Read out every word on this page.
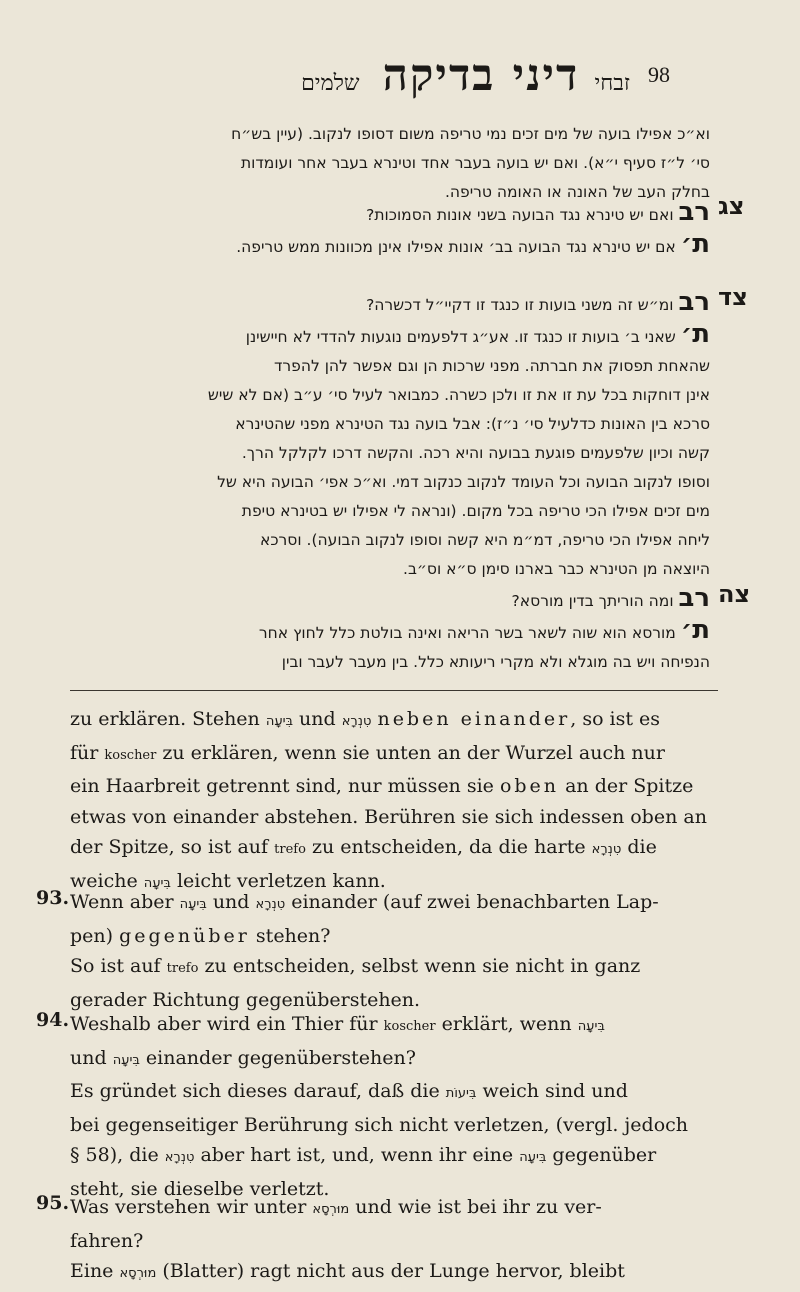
זבחי   דיני בדיקה שלמים	98
וא״כ אפילו בועה של מים זכים נמי טריפה משום דסופו לנקוב. (עיין בש״ח
סי׳ ל״ז סעיף י״א). ואם יש בועה בעבר אחד וטינרא בעבר אחר ועומדות
בחלק העב של האונה או האומה טריפה. צג
רב ואם יש טינרא נגד הבועה בשני אונות הסמוכות?
ת׳ אם יש טינרא נגד הבועה בב׳ אונות אפילו אינן מכוונות ממש טריפה.
צד
רב ומ״ש זה משני בועות זו כנגד זו דקיי״ל דכשרה?
ת׳ שאני ב׳ בועות זו כנגד זו. אע״ג דלפעמים נוגעות להדדי לא חיישינן
שהאחת תפסוק את חברתה. מפני שרכות הן וגם אפשר להן להפרד
אינן דוחקות בכל עת זו את זו ולכן כשרה. כמבואר לעיל סי׳ ע״ב (אם לא שיש
סרכא בין האונות כדלעיל סי׳ נ״ז): אבל בועה נגד הטינרא מפני שהטינרא
קשה וכיון שלפעמים פוגעת בבועה והיא רכה. והקשה דרכו לקלקל הרך.
וסופו לנקוב הבועה וכל העומד לנקוב כנקוב דמי. וא״כ אפי׳ הבועה היא של
מים זכים אפילו הכי טריפה בכל מקום. (ונראה לי אפילו יש בטינרא טיפת
ליחה אפילו הכי טריפה, דמ״מ היא קשה וסופו לנקוב הבועה). וסרכא
היוצאה מן הטינרא כבר בארנו סימן ס״א וס״ב.
צה
רב ומה הוריתך בדין מורסא?
ת׳ מורסא הוא שוה לשאר בשר הריאה ואינה בולטת כלל לחוץ אחר
הנפיחה ויש בה מוגלא ולא מקרי ריעותא כלל. בין מעבר לעבר ובין
zu erklären. Stehen בִּיעָה und טִנְרָא neben einander, so ist es
für koscher zu erklären, wenn sie unten an der Wurzel auch nur
ein Haarbreit getrennt sind, nur müssen sie oben an der Spitze
etwas von einander abstehen. Berühren sie sich indessen oben an
der Spitze, so ist auf trefo zu entscheiden, da die harte טִנְרָא die
weiche בִּיעָה leicht verletzen kann.
93. Wenn aber בִּיעָה und טִנְרָא einander (auf zwei benachbarten Lap-
pen) gegenüber stehen?
So ist auf trefo zu entscheiden, selbst wenn sie nicht in ganz
gerader Richtung gegenüberstehen.
94. Weshalb aber wird ein Thier für koscher erklärt, wenn בִּיעָה
und בִּיעָה einander gegenüberstehen?
Es gründet sich dieses darauf, daß die בִּיעוֹת weich sind und
bei gegenseitiger Berührung sich nicht verletzen, (vergl. jedoch
§ 58), die טִנְרָא aber hart ist, und, wenn ihr eine בִּיעָה gegenüber
steht, sie dieselbe verletzt.
95. Was verstehen wir unter מוּרְסָא und wie ist bei ihr zu ver-
fahren?
Eine מוּרְסָא (Blatter) ragt nicht aus der Lunge hervor, bleibt
